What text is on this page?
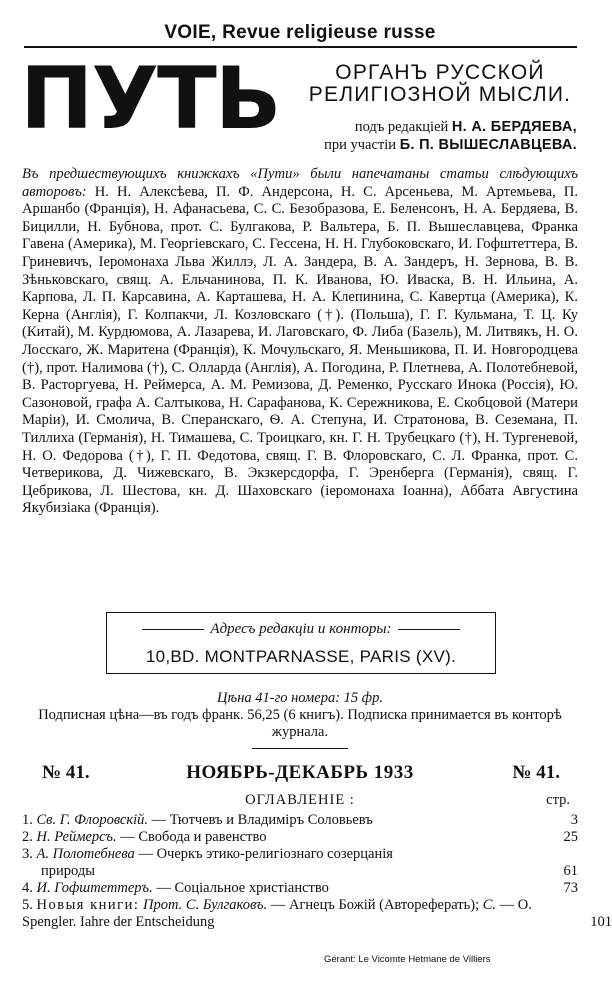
VOIE, Revue religieuse russe
ПУТЬ	ОРГАНЪ РУССКОЙ
РЕЛИГIОЗНОЙ МЫСЛИ.
подъ редакцiей Н. А. БЕРДЯЕВА,
при участiи Б. П. ВЫШЕСЛАВЦЕВА.
Въ предшествующихъ книжкахъ «Пути» были напечатаны статьи слѣдующихъ авторовъ: Н. Н. Алексѣева, П. Ф. Андерсона, Н. С. Арсеньева, М. Артемьева, П. Аршанбо (Францiя), Н. Афанасьева, С. С. Безобразова, Е. Беленсонъ, Н. А. Бердяева, В. Бицилли, Н. Бубнова, прот. С. Булгакова, Р. Вальтера, Б. П. Вышеславцева, Франка Гавена (Америка), М. Георгiевскаго, С. Гессена, Н. Н. Глубоковскаго, И. Гофштеттера, В. Гриневичъ, Iеромонаха Льва Жиллэ, Л. А. Зандера, В. А. Зандеръ, Н. Зернова, В. В. Зѣньковскаго, свящ. А. Ельчанинова, П. К. Иванова, Ю. Иваска, В. Н. Ильина, А. Карпова, Л. П. Карсавина, А. Карташева, Н. А. Клепинина, С. Кавертца (Америка), К. Керна (Англiя), Г. Колпакчи, Л. Козловскаго (†). (Польша), Г. Г. Кульмана, Т. Ц. Ку (Китай), М. Курдюмова, А. Лазарева, И. Лаговскаго, Ф. Либа (Базель), М. Литвякъ, Н. О. Лосскаго, Ж. Маритена (Францiя), К. Мочульскаго, Я. Меньшикова, П. И. Новгородцева (†), прот. Налимова (†), С. Оллардa (Англiя), А. Погодина, Р. Плетнева, А. Полотебневой, В. Расторгуева, Н. Реймерса, А. М. Ремизова, Д. Ременко, Русскаго Инока (Россiя), Ю. Сазоновой, графа А. Салтыкова, Н. Сарафанова, К. Сережникова, Е. Скобцовой (Матери Марiи), И. Смолича, В. Сперанскаго, Ѳ. А. Степуна, И. Стратонова, В. Сеземана, П. Тиллиха (Германiя), Н. Тимашева, С. Троицкаго, кн. Г. Н. Трубецкаго (†), Н. Тургеневой, Н. О. Федорова (†), Г. П. Федотова, свящ. Г. В. Флоровскаго, С. Л. Франка, прот. С. Четверикова, Д. Чижевскаго, В. Экзкерсдорфа, Г. Эренберга (Германiя), свящ. Г. Цебрикова, Л. Шестова, кн. Д. Шаховскаго (iеромонаха Iоанна), Аббата Августина Якубизiака (Францiя).
Адресъ редакцiи и конторы:
10,BD. MONTPARNASSE, PARIS (XV).
Цѣна 41-го номера: 15 фр.
Подписная цѣна—въ годъ франк. 56,25 (6 книгъ). Подписка принимается въ конторѣ журнала.
№ 41.	НОЯБРЬ-ДЕКАБРЬ 1933	№ 41.
ОГЛАВЛЕНIЕ :	стр.
1. Св. Г. Флоровскiй. — Тютчевъ и Владимiръ Соловьевъ	3
2. Н. Реймерсъ. — Свобода и равенство	25
3. А. Полотебнева — Очеркъ этико-религiознаго созерцанiя
природы	61
4. И. Гофштеттеръ. — Соцiальное христiанство	73
5. Новыя книги: Прот. С. Булгаковъ. — Агнецъ Божiй (Автореферать); С. — O. Spengler. Iahre der Entscheidung	101
Gérant: Le Vicomte Hetmane de Villiers
